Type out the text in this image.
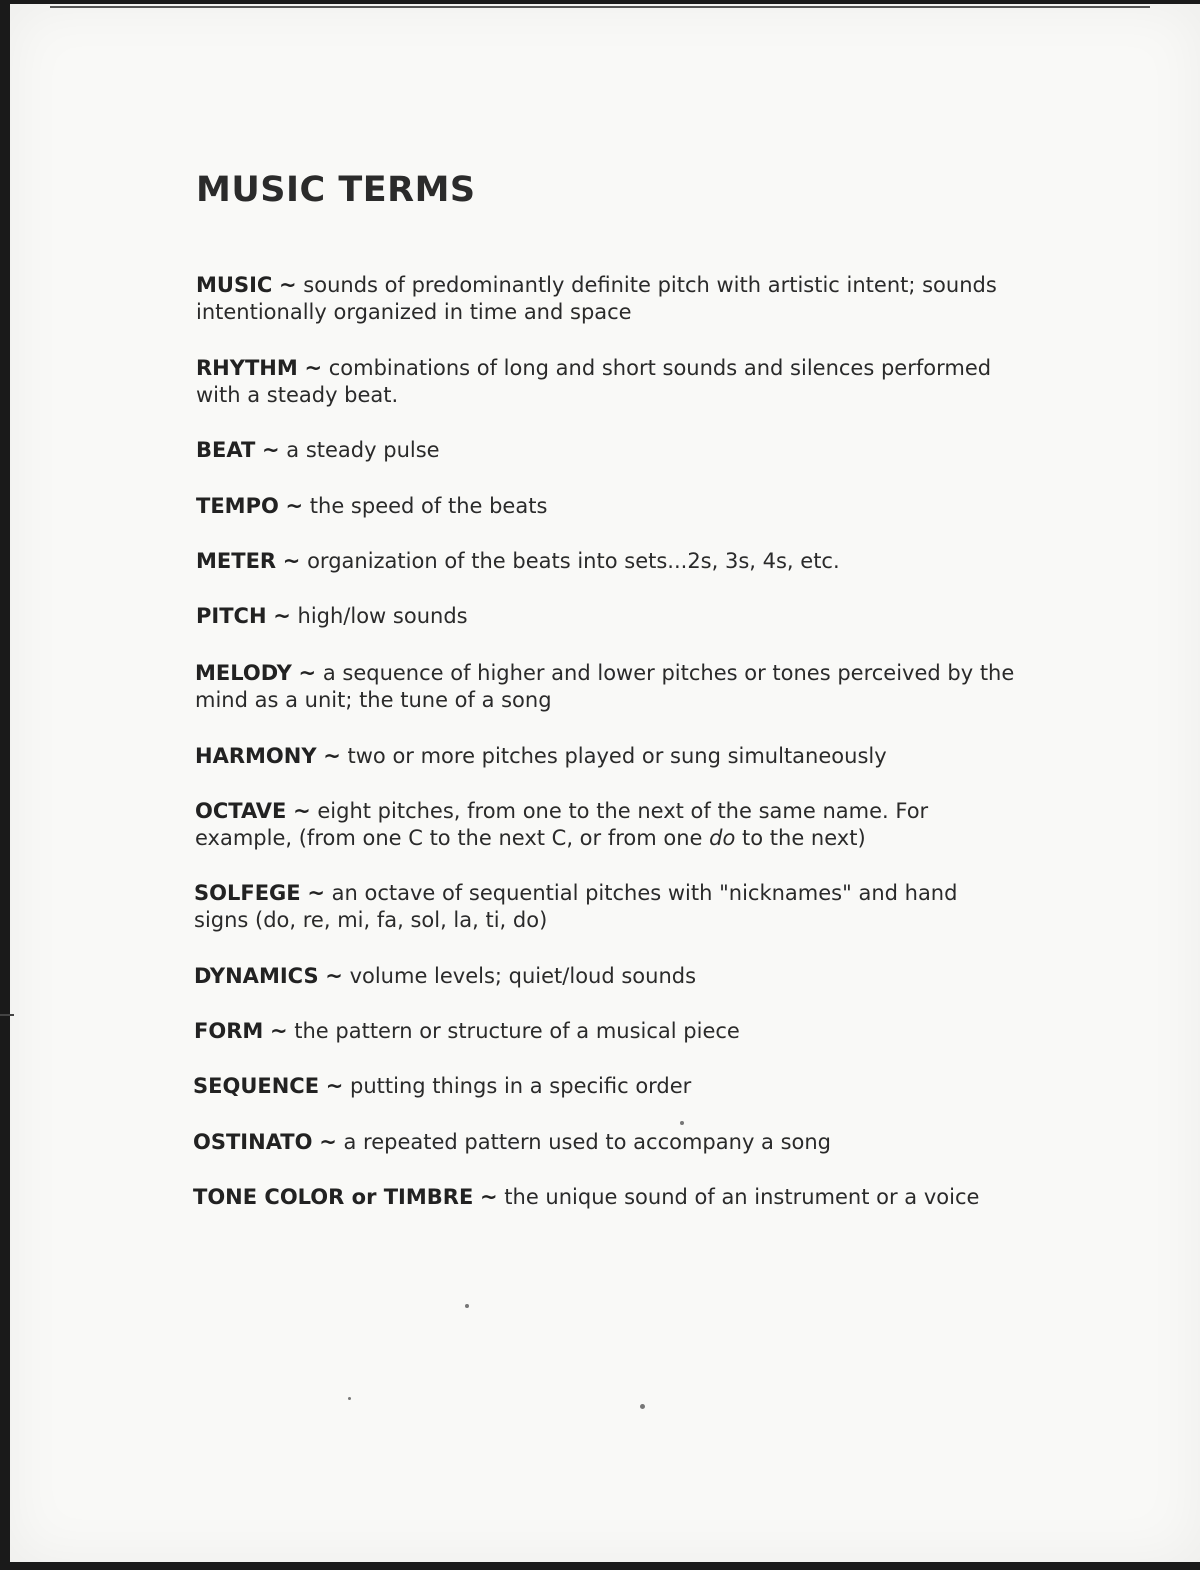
MUSIC TERMS

MUSIC ~ sounds of predominantly definite pitch with artistic intent; sounds intentionally organized in time and space

RHYTHM ~ combinations of long and short sounds and silences performed with a steady beat.

BEAT ~ a steady pulse

TEMPO ~ the speed of the beats

METER ~ organization of the beats into sets...2s, 3s, 4s, etc.

PITCH ~ high/low sounds

MELODY ~ a sequence of higher and lower pitches or tones perceived by the mind as a unit; the tune of a song

HARMONY ~ two or more pitches played or sung simultaneously

OCTAVE ~ eight pitches, from one to the next of the same name. For example, (from one C to the next C, or from one do to the next)

SOLFEGE ~ an octave of sequential pitches with "nicknames" and hand signs (do, re, mi, fa, sol, la, ti, do)

DYNAMICS ~ volume levels; quiet/loud sounds

FORM ~ the pattern or structure of a musical piece

SEQUENCE ~ putting things in a specific order

OSTINATO ~ a repeated pattern used to accompany a song

TONE COLOR or TIMBRE ~ the unique sound of an instrument or a voice
